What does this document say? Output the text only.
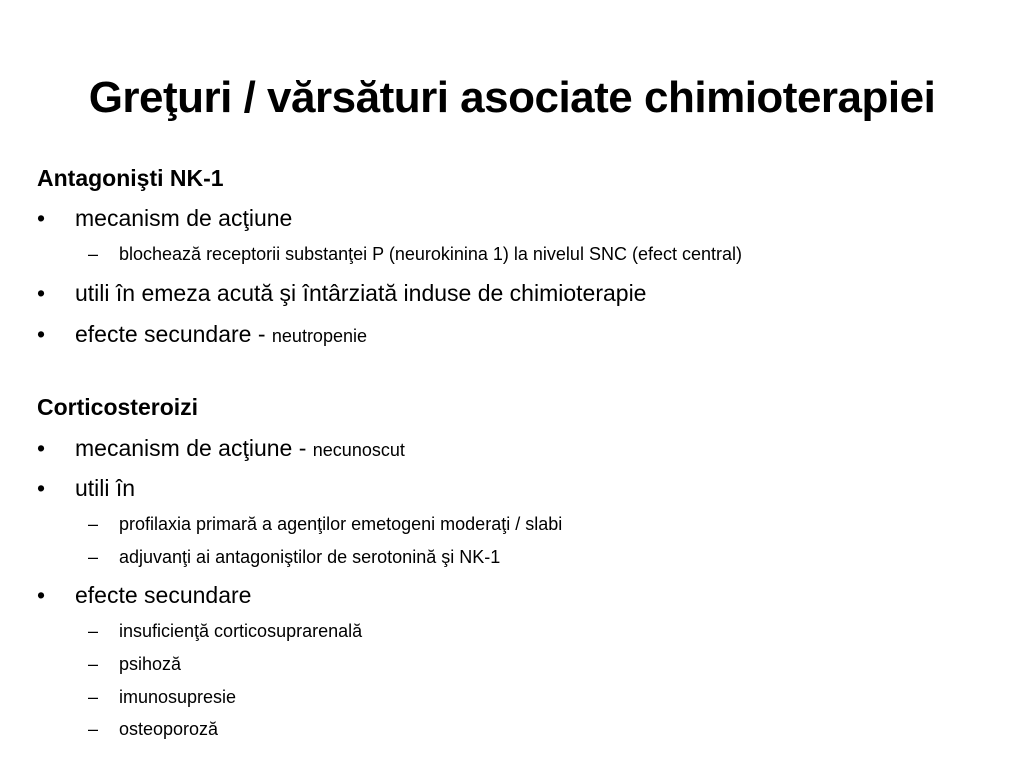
Greţuri / vărsături asociate chimioterapiei
Antagonişti NK-1
• mecanism de acţiune
– blochează receptorii substanţei P (neurokinina 1) la nivelul SNC (efect central)
• utili în emeza acută şi întârziată induse de chimioterapie
• efecte secundare - neutropenie
Corticosteroizi
• mecanism de acţiune - necunoscut
• utili în
– profilaxia primară a agenţilor emetogeni moderaţi / slabi
– adjuvanţi ai antagoniştilor de serotonină şi NK-1
• efecte secundare
– insuficienţă corticosuprarenală
– psihoză
– imunosupresie
– osteoporoză
